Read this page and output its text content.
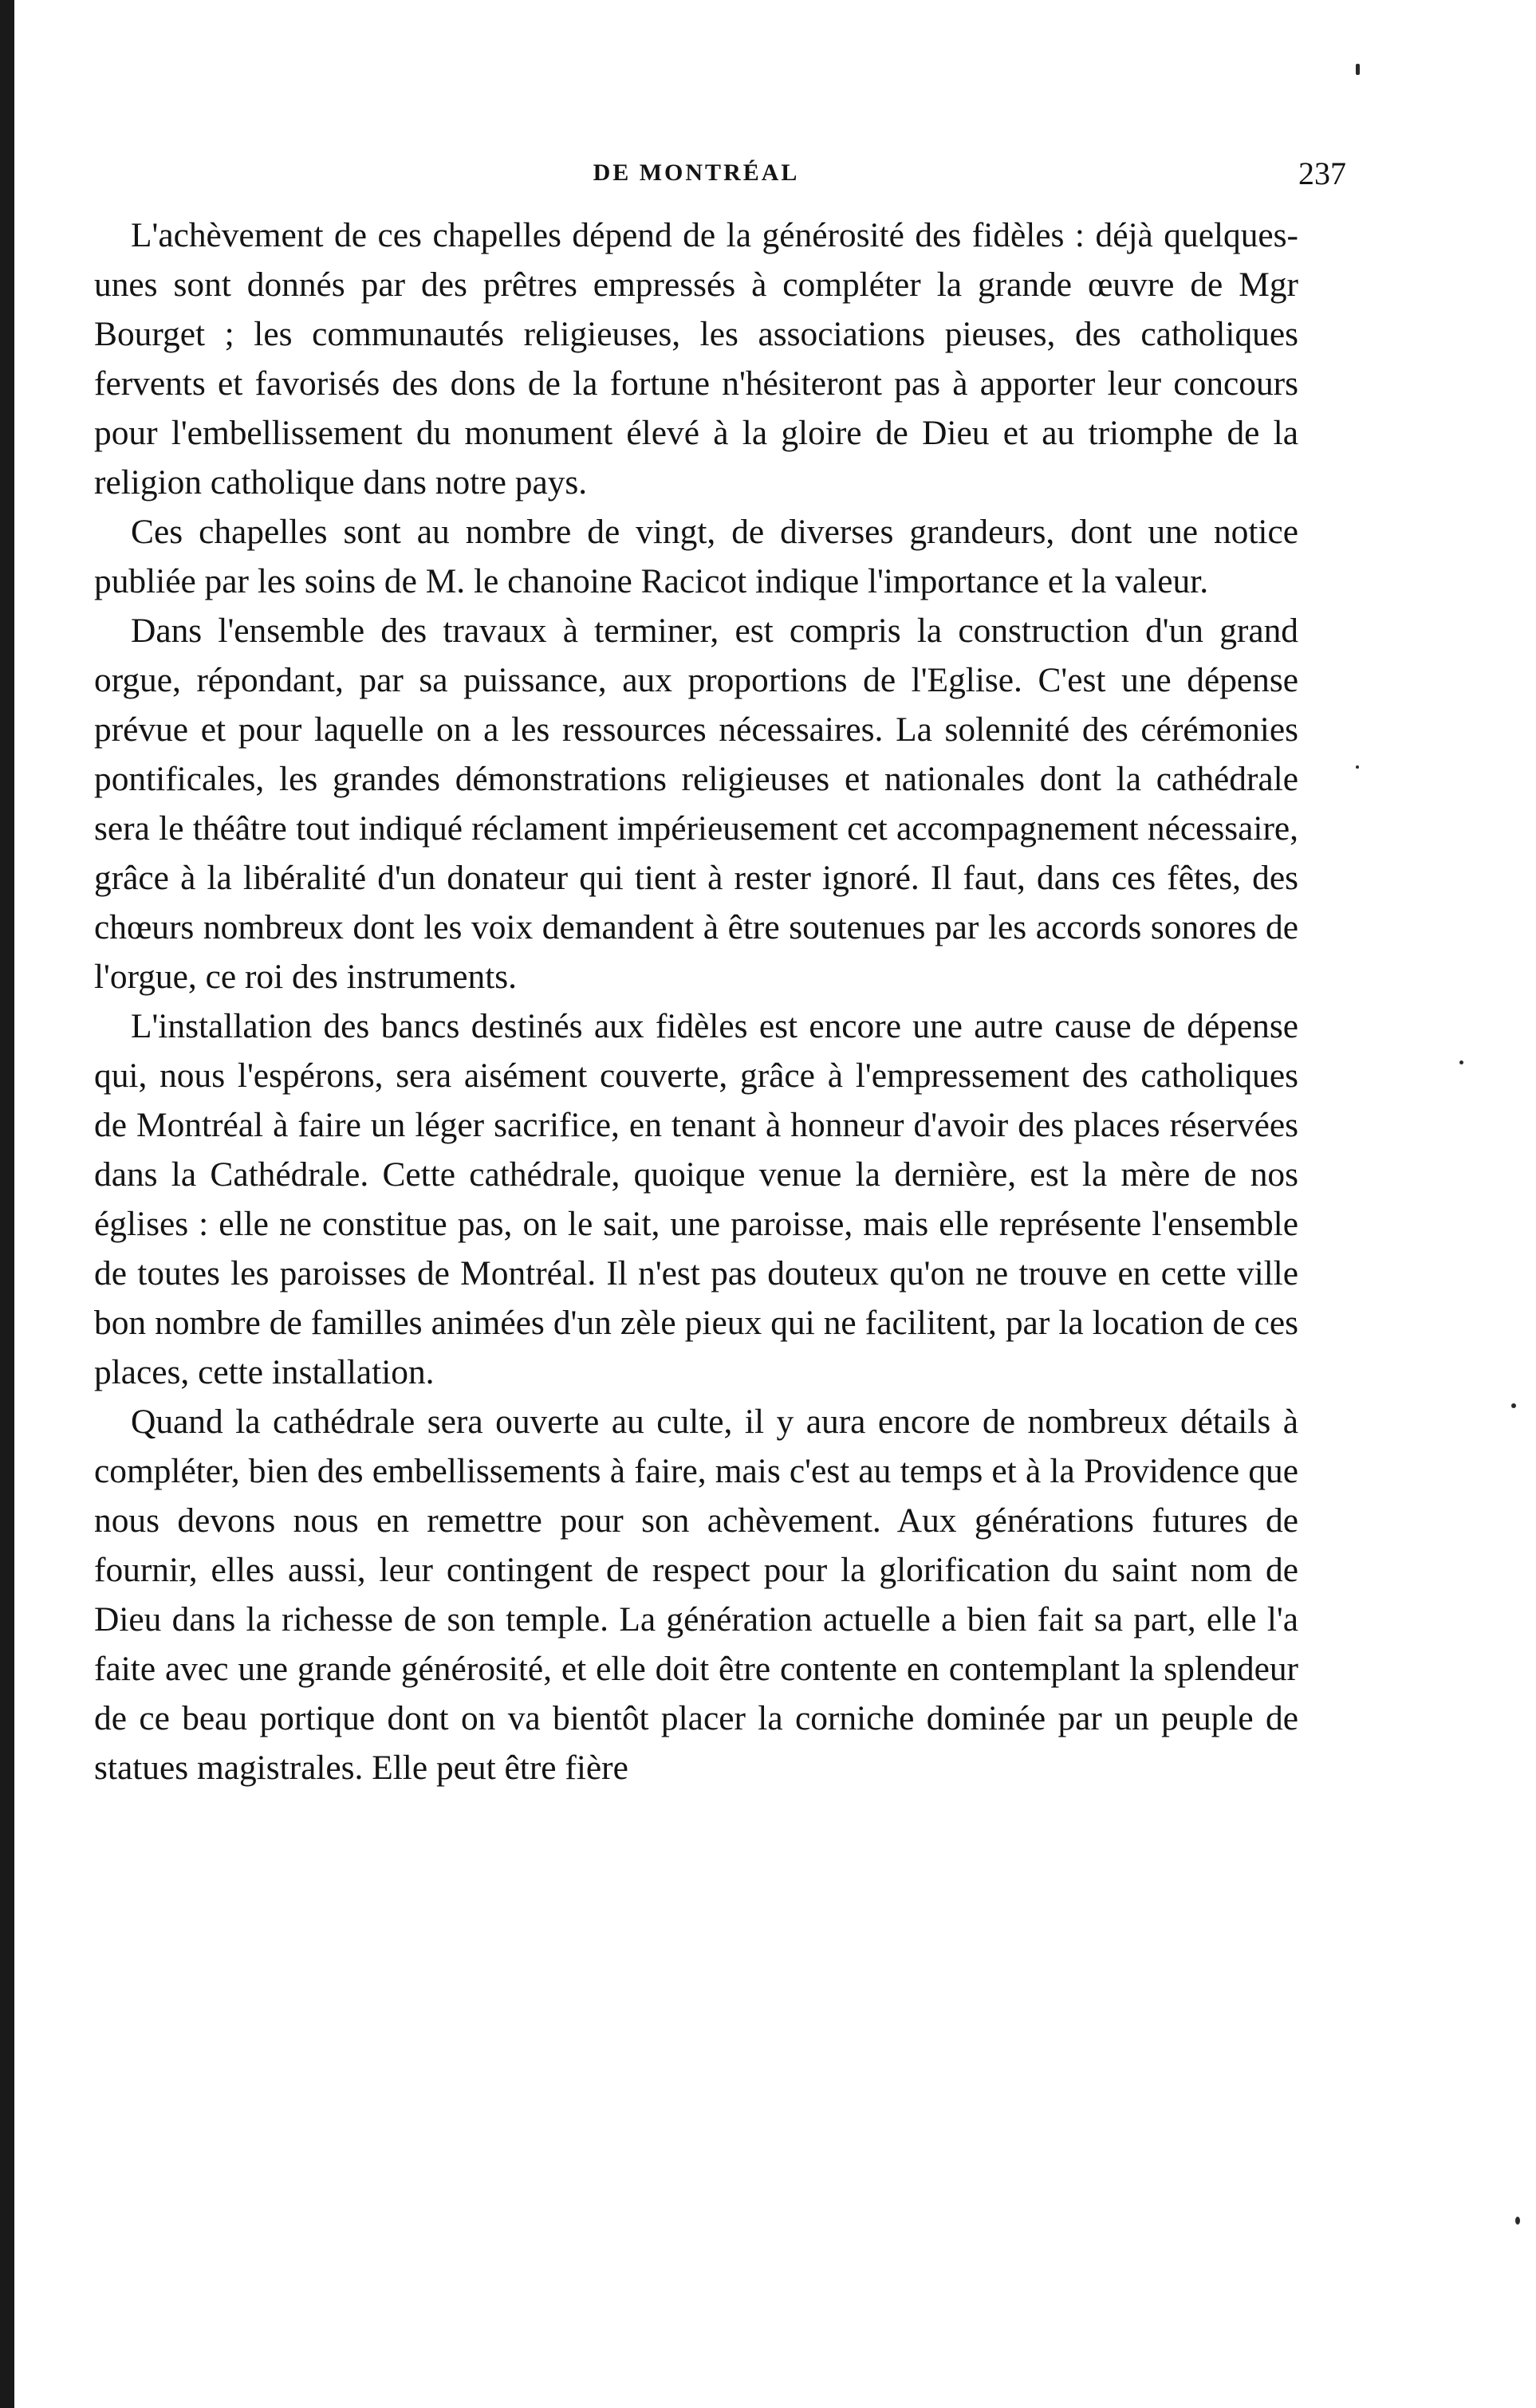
DE MONTRÉAL	237

L'achèvement de ces chapelles dépend de la générosité des fidèles : déjà quelques-unes sont donnés par des prêtres empressés à compléter la grande œuvre de Mgr Bourget ; les communautés religieuses, les associations pieuses, des catholiques fervents et favorisés des dons de la fortune n'hésiteront pas à apporter leur concours pour l'embellissement du monument élevé à la gloire de Dieu et au triomphe de la religion catholique dans notre pays.

Ces chapelles sont au nombre de vingt, de diverses grandeurs, dont une notice publiée par les soins de M. le chanoine Racicot indique l'importance et la valeur.

Dans l'ensemble des travaux à terminer, est compris la construction d'un grand orgue, répondant, par sa puissance, aux proportions de l'Eglise. C'est une dépense prévue et pour laquelle on a les ressources nécessaires. La solennité des cérémonies pontificales, les grandes démonstrations religieuses et nationales dont la cathédrale sera le théâtre tout indiqué réclament impérieusement cet accompagnement nécessaire, grâce à la libéralité d'un donateur qui tient à rester ignoré. Il faut, dans ces fêtes, des chœurs nombreux dont les voix demandent à être soutenues par les accords sonores de l'orgue, ce roi des instruments.

L'installation des bancs destinés aux fidèles est encore une autre cause de dépense qui, nous l'espérons, sera aisément couverte, grâce à l'empressement des catholiques de Montréal à faire un léger sacrifice, en tenant à honneur d'avoir des places réservées dans la Cathédrale. Cette cathédrale, quoique venue la dernière, est la mère de nos églises : elle ne constitue pas, on le sait, une paroisse, mais elle représente l'ensemble de toutes les paroisses de Montréal. Il n'est pas douteux qu'on ne trouve en cette ville bon nombre de familles animées d'un zèle pieux qui ne facilitent, par la location de ces places, cette installation.

Quand la cathédrale sera ouverte au culte, il y aura encore de nombreux détails à compléter, bien des embellissements à faire, mais c'est au temps et à la Providence que nous devons nous en remettre pour son achèvement. Aux générations futures de fournir, elles aussi, leur contingent de respect pour la glorification du saint nom de Dieu dans la richesse de son temple. La génération actuelle a bien fait sa part, elle l'a faite avec une grande générosité, et elle doit être contente en contemplant la splendeur de ce beau portique dont on va bientôt placer la corniche dominée par un peuple de statues magistrales. Elle peut être fière
